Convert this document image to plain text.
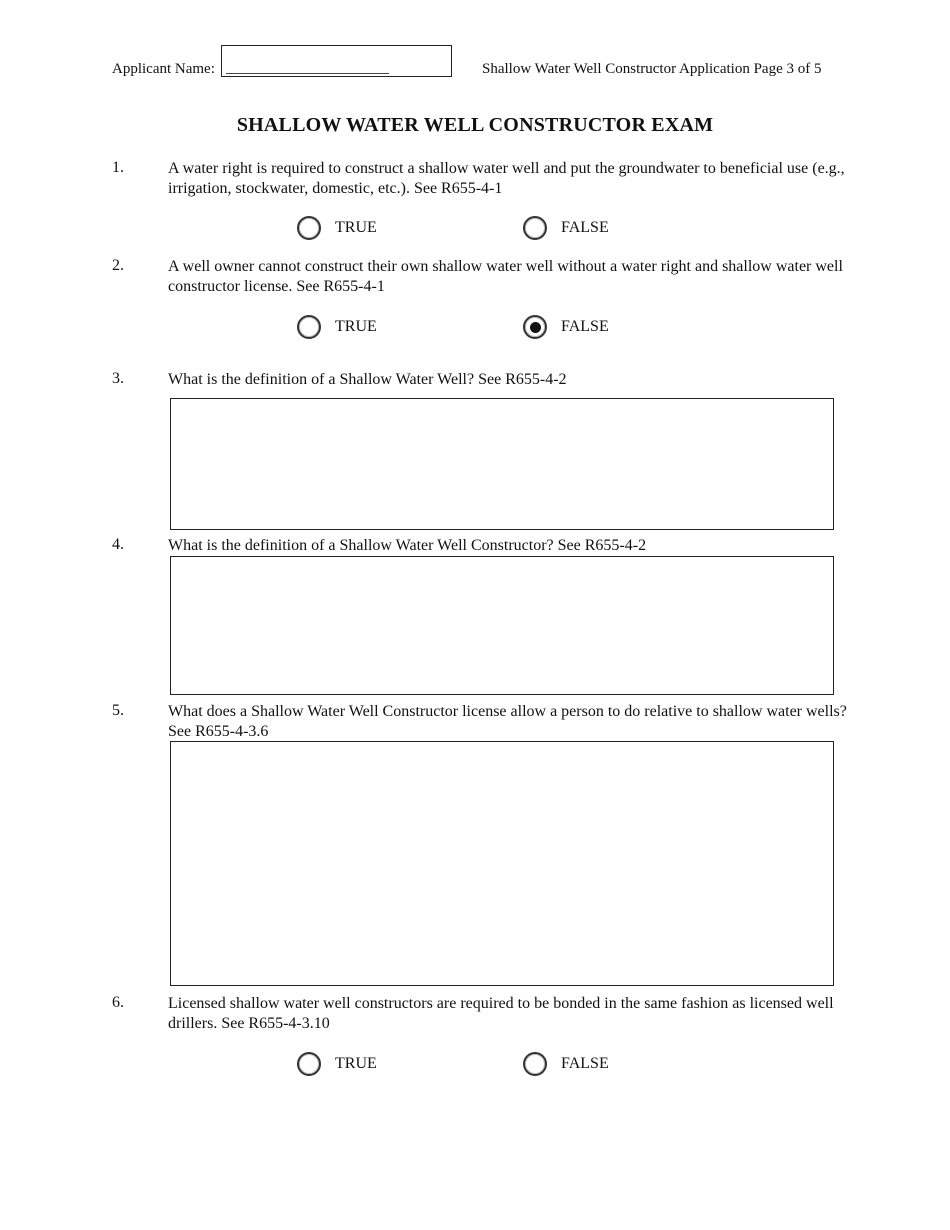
Applicant Name:	Shallow Water Well Constructor Application Page 3 of 5
SHALLOW WATER WELL CONSTRUCTOR EXAM
1.	A water right is required to construct a shallow water well and put the groundwater to beneficial use (e.g., irrigation, stockwater, domestic, etc.). See R655-4-1
TRUE	FALSE
2.	A well owner cannot construct their own shallow water well without a water right and shallow water well constructor license. See R655-4-1
TRUE	FALSE
3.	What is the definition of a Shallow Water Well? See R655-4-2
4.	What is the definition of a Shallow Water Well Constructor? See R655-4-2
5.	What does a Shallow Water Well Constructor license allow a person to do relative to shallow water wells? See R655-4-3.6
6.	Licensed shallow water well constructors are required to be bonded in the same fashion as licensed well drillers. See R655-4-3.10
TRUE	FALSE
